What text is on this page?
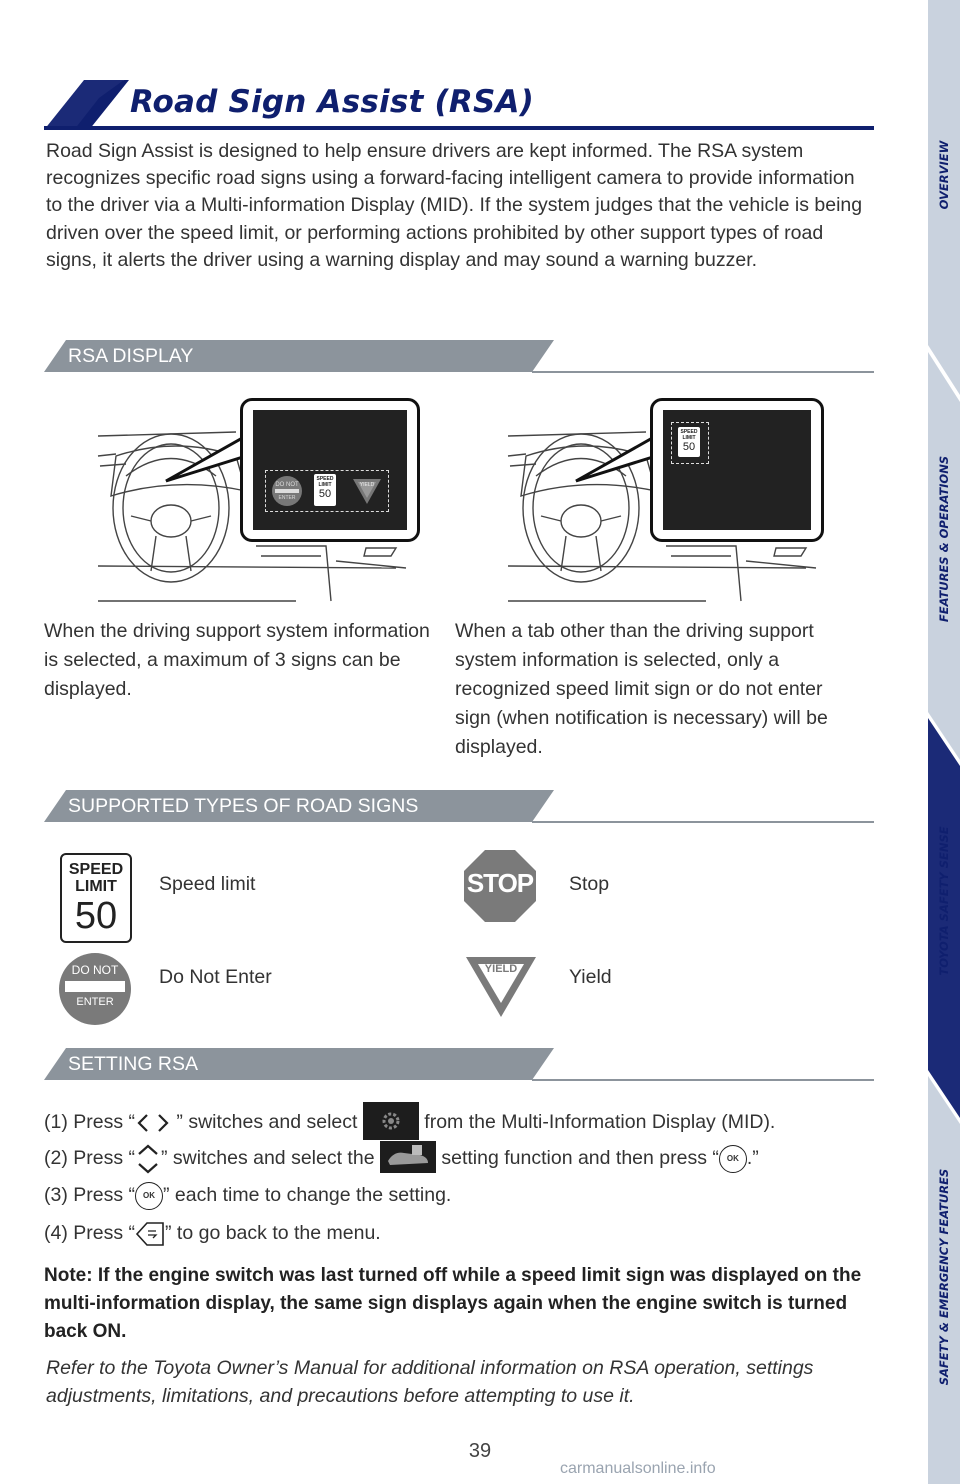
Road Sign Assist (RSA)
Road Sign Assist is designed to help ensure drivers are kept informed. The RSA system recognizes specific road signs using a forward-facing intelligent camera to provide information to the driver via a Multi-information Display (MID). If the system judges that the vehicle is being driven over the speed limit, or performing actions prohibited by other support types of road signs, it alerts the driver using a warning display and may sound a warning buzzer.
RSA DISPLAY
DO NOT
ENTER
SPEED
LIMIT
50
YIELD
SPEED
LIMIT
50
When the driving support system information is selected, a maximum of 3 signs can be displayed.
When a tab other than the driving support system information is selected, only a recognized speed limit sign or do not enter sign (when notification is necessary) will be displayed.
SUPPORTED TYPES OF ROAD SIGNS
SPEED
LIMIT
50
Speed limit	STOP Stop
DO NOT
ENTER
Do Not Enter	YIELD	Yield
SETTING RSA
(1) Press “ ” switches and select	from the Multi-Information Display (MID).
(2) Press “ ” switches and select the	setting function and then press “ OK .”
(3) Press “ OK ” each time to change the setting.
(4) Press “ ” to go back to the menu.
Note: If the engine switch was last turned off while a speed limit sign was displayed on the multi-information display, the same sign displays again when the engine switch is turned back ON.
Refer to the Toyota Owner’s Manual for additional information on RSA operation, settings adjustments, limitations, and precautions before attempting to use it.
39
OVERVIEW
FEATURES & OPERATIONS
TOYOTA SAFETY SENSE
SAFETY & EMERGENCY FEATURES
carmanualsonline.info
